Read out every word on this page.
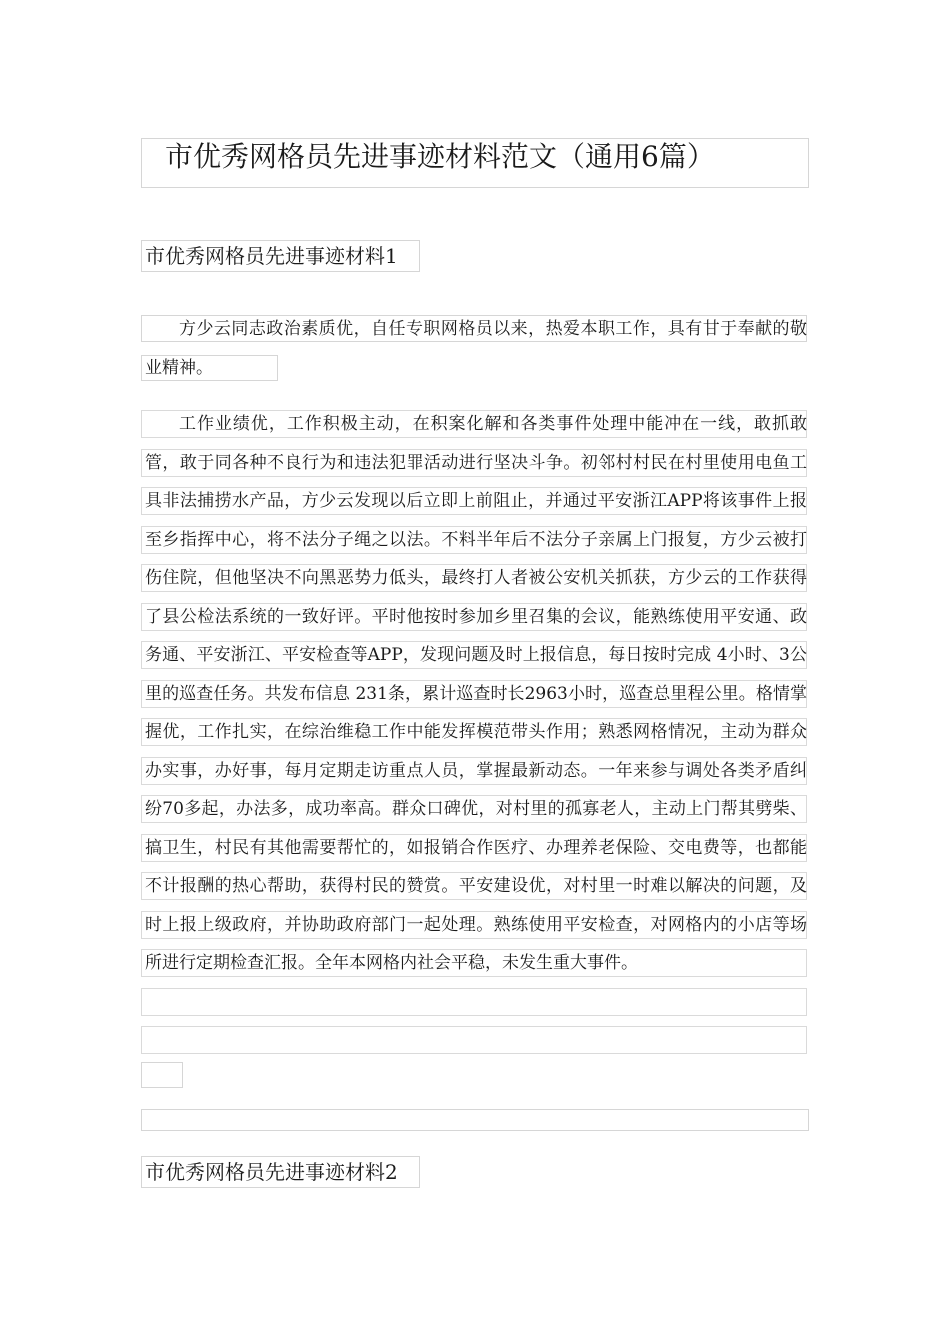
市优秀网格员先进事迹材料范文（通用6篇）
市优秀网格员先进事迹材料1

方少云同志政治素质优，自任专职网格员以来，热爱本职工作，具有甘于奉献的敬业精神。

工作业绩优，工作积极主动，在积案化解和各类事件处理中能冲在一线，敢抓敢管，敢于同各种不良行为和违法犯罪活动进行坚决斗争。初邻村村民在村里使用电鱼工具非法捕捞水产品，方少云发现以后立即上前阻止，并通过平安浙江APP将该事件上报至乡指挥中心，将不法分子绳之以法。不料半年后不法分子亲属上门报复，方少云被打伤住院，但他坚决不向黑恶势力低头，最终打人者被公安机关抓获，方少云的工作获得了县公检法系统的一致好评。平时他按时参加乡里召集的会议，能熟练使用平安通、政务通、平安浙江、平安检查等APP，发现问题及时上报信息，每日按时完成 4小时、3公里的巡查任务。共发布信息 231条，累计巡查时长2963小时，巡查总里程公里。格情掌握优，工作扎实，在综治维稳工作中能发挥模范带头作用；熟悉网格情况，主动为群众办实事，办好事，每月定期走访重点人员，掌握最新动态。一年来参与调处各类矛盾纠纷70多起，办法多，成功率高。群众口碑优，对村里的孤寡老人，主动上门帮其劈柴、搞卫生，村民有其他需要帮忙的，如报销合作医疗、办理养老保险、交电费等，也都能不计报酬的热心帮助，获得村民的赞赏。平安建设优，对村里一时难以解决的问题，及时上报上级政府，并协助政府部门一起处理。熟练使用平安检查，对网格内的小店等场所进行定期检查汇报。全年本网格内社会平稳，未发生重大事件。

市优秀网格员先进事迹材料2
